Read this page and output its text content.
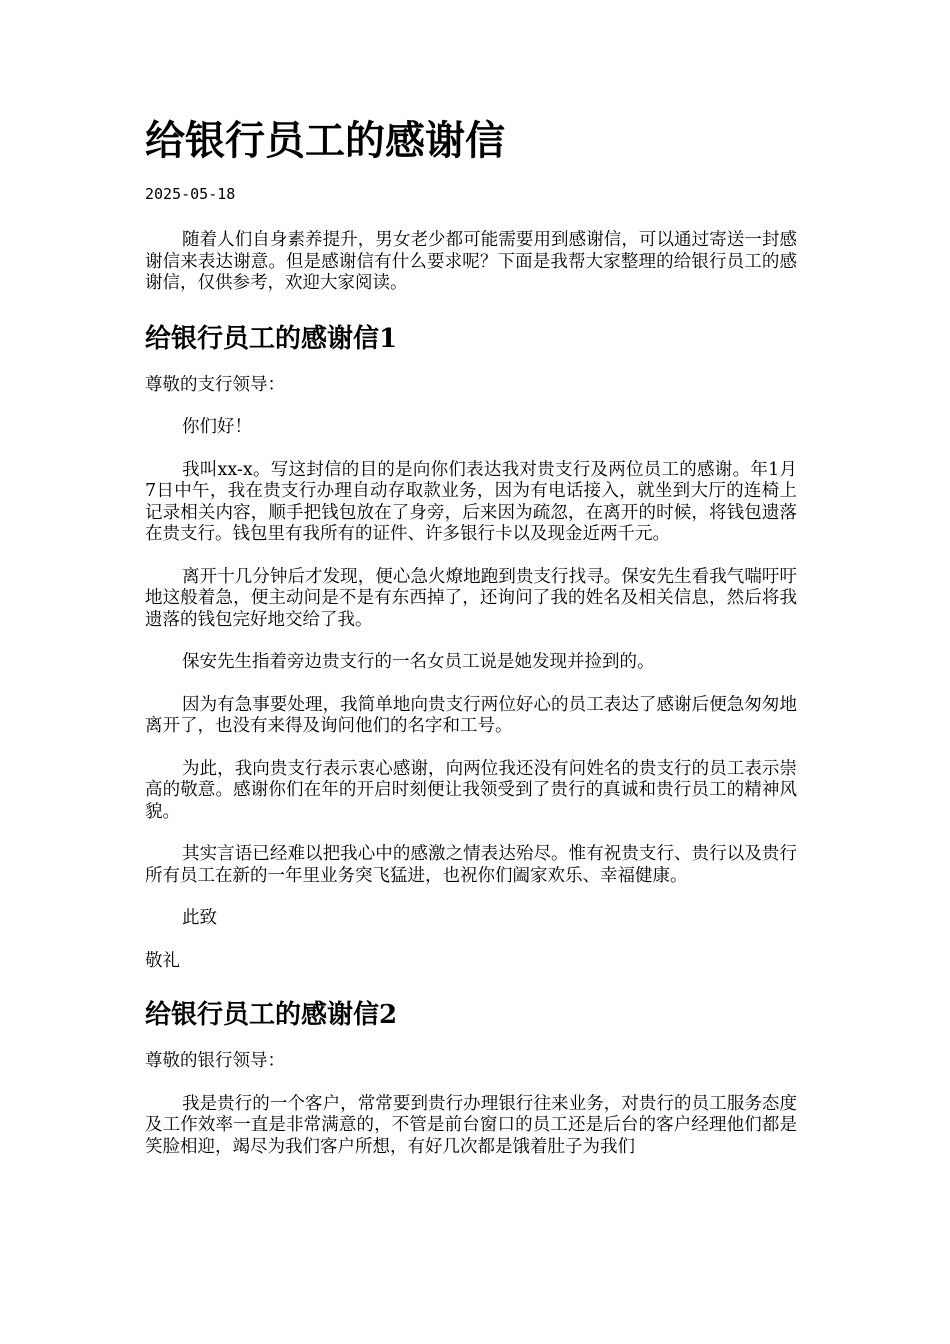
给银行员工的感谢信
2025-05-18

随着人们自身素养提升，男女老少都可能需要用到感谢信，可以通过寄送一封感谢信来表达谢意。但是感谢信有什么要求呢？下面是我帮大家整理的给银行员工的感谢信，仅供参考，欢迎大家阅读。

给银行员工的感谢信1

尊敬的支行领导：

你们好！

我叫xx-x。写这封信的目的是向你们表达我对贵支行及两位员工的感谢。年1月7日中午，我在贵支行办理自动存取款业务，因为有电话接入，就坐到大厅的连椅上记录相关内容，顺手把钱包放在了身旁，后来因为疏忽，在离开的时候，将钱包遗落在贵支行。钱包里有我所有的证件、许多银行卡以及现金近两千元。

离开十几分钟后才发现，便心急火燎地跑到贵支行找寻。保安先生看我气喘吁吁地这般着急，便主动问是不是有东西掉了，还询问了我的姓名及相关信息，然后将我遗落的钱包完好地交给了我。

保安先生指着旁边贵支行的一名女员工说是她发现并捡到的。

因为有急事要处理，我简单地向贵支行两位好心的员工表达了感谢后便急匆匆地离开了，也没有来得及询问他们的名字和工号。

为此，我向贵支行表示衷心感谢，向两位我还没有问姓名的贵支行的员工表示崇高的敬意。感谢你们在年的开启时刻便让我领受到了贵行的真诚和贵行员工的精神风貌。

其实言语已经难以把我心中的感激之情表达殆尽。惟有祝贵支行、贵行以及贵行所有员工在新的一年里业务突飞猛进，也祝你们阖家欢乐、幸福健康。

此致

敬礼

给银行员工的感谢信2

尊敬的银行领导：

我是贵行的一个客户，常常要到贵行办理银行往来业务，对贵行的员工服务态度及工作效率一直是非常满意的，不管是前台窗口的员工还是后台的客户经理他们都是笑脸相迎，竭尽为我们客户所想，有好几次都是饿着肚子为我们
